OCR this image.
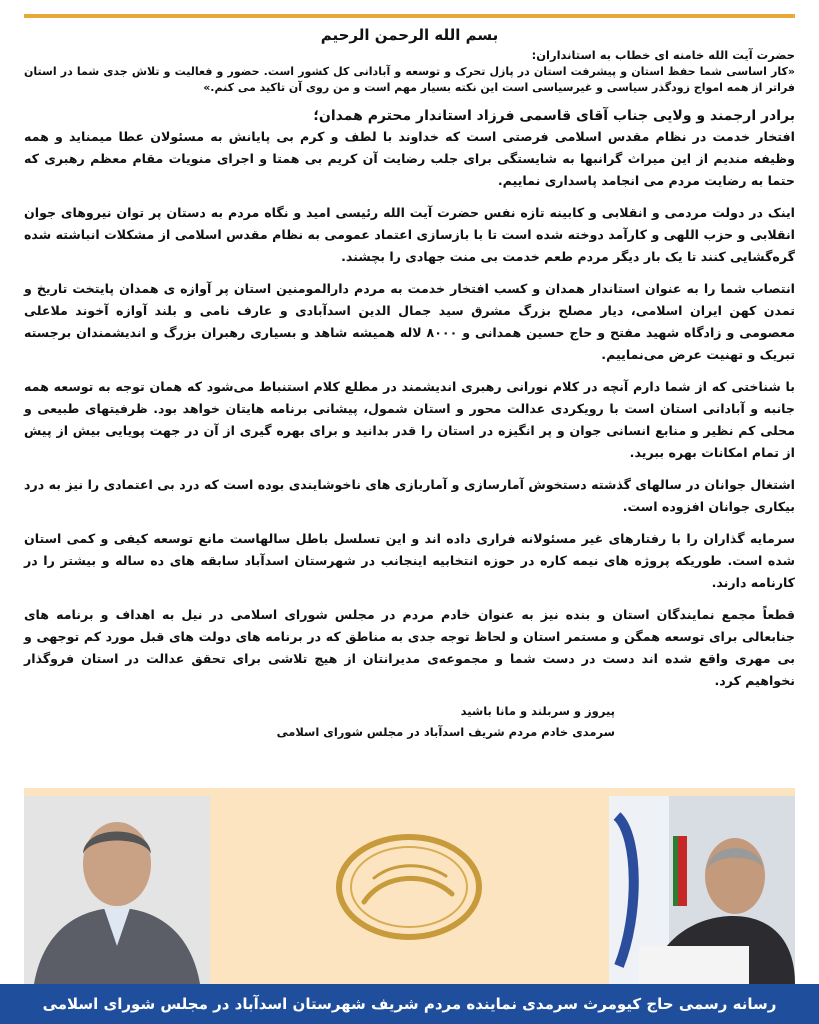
بسم الله الرحمن الرحیم
حضرت آیت الله خامنه ای خطاب به استانداران:

«کار اساسی شما حفظ استان و پیشرفت استان در پازل تحرک و توسعه و آبادانی کل کشور است. حضور و فعالیت و تلاش جدی شما در استان فراتر از همه امواج زودگذر سیاسی و غیرسیاسی است این نکته بسیار مهم است و من روی آن تاکید می کنم.»

برادر ارجمند و ولایی جناب آقای قاسمی فرزاد استاندار محترم همدان؛

افتخار خدمت در نظام مقدس اسلامی فرصتی است که خداوند با لطف و کرم بی پایانش به مسئولان عطا میمناید و همه وظیفه مندیم از این میراث گرانبها به شایستگی برای جلب رضایت آن کریم بی همتا و اجرای منویات مقام معظم رهبری که حتما به رضایت مردم می انجامد پاسداری نماییم.

اینک در دولت مردمی و انقلابی و کابینه تازه نفس حضرت آیت الله رئیسی امید و نگاه مردم به دستان پر توان نیروهای جوان انقلابی و حزب اللهی و کارآمد دوخته شده است تا با بازسازی اعتماد عمومی به نظام مقدس اسلامی از مشکلات انباشته شده گره‌گشایی کنند تا یک بار دیگر مردم طعم خدمت بی منت جهادی را بچشند.

انتصاب شما را به عنوان استاندار همدان و کسب افتخار خدمت به مردم دارالمومنین استان پر آوازه ی همدان پایتخت تاریخ و تمدن کهن ایران اسلامی، دیار مصلح بزرگ مشرق سید جمال الدین اسدآبادی و عارف نامی و بلند آوازه آخوند ملاعلی معصومی و زادگاه شهید مفتح و حاج حسین همدانی و ۸۰۰۰ لاله همیشه شاهد و بسیاری رهبران بزرگ و اندیشمندان برجسته تبریک و تهنیت عرض می‌نماییم.

با شناختی که از شما دارم آنچه در کلام نورانی رهبری اندیشمند در مطلع کلام استنباط می‌شود که همان توجه به توسعه همه جانبه و آبادانی استان است با رویکردی عدالت محور و استان شمول، پیشانی برنامه هایتان خواهد بود. ظرفیتهای طبیعی و محلی کم نظیر و منابع انسانی جوان و پر انگیزه در استان را قدر بدانید و برای بهره گیری از آن در جهت پویایی بیش از پیش از تمام امکانات بهره ببرید.

اشتغال جوانان در سالهای گذشته دستخوش آمارسازی و آماربازی های ناخوشایندی بوده است که درد بی اعتمادی را نیز به درد بیکاری جوانان افزوده است.

سرمایه گذاران را با رفتارهای غیر مسئولانه فراری داده اند و این تسلسل باطل سالهاست مانع توسعه کیفی و کمی استان شده است. طوریکه پروژه های نیمه کاره در حوزه انتخابیه اینجانب در شهرستان اسدآباد سابقه های ده ساله و بیشتر را در کارنامه دارند.

قطعاً مجمع نمایندگان استان و بنده نیز به عنوان خادم مردم در مجلس شورای اسلامی در نیل به اهداف و برنامه های جنابعالی برای توسعه همگن و مستمر استان و لحاظ توجه جدی به مناطق که در برنامه های دولت های قبل مورد کم توجهی و بی مهری واقع شده اند دست در دست شما و مجموعه‌ی مدیرانتان از هیچ تلاشی برای تحقق عدالت در استان فروگذار نخواهیم کرد.

پیروز و سربلند و مانا باشید
سرمدی خادم مردم شریف اسدآباد در مجلس شورای اسلامی
رسانه رسمی حاج کیومرث سرمدی نماینده مردم شریف شهرستان اسدآباد در مجلس شورای اسلامی
